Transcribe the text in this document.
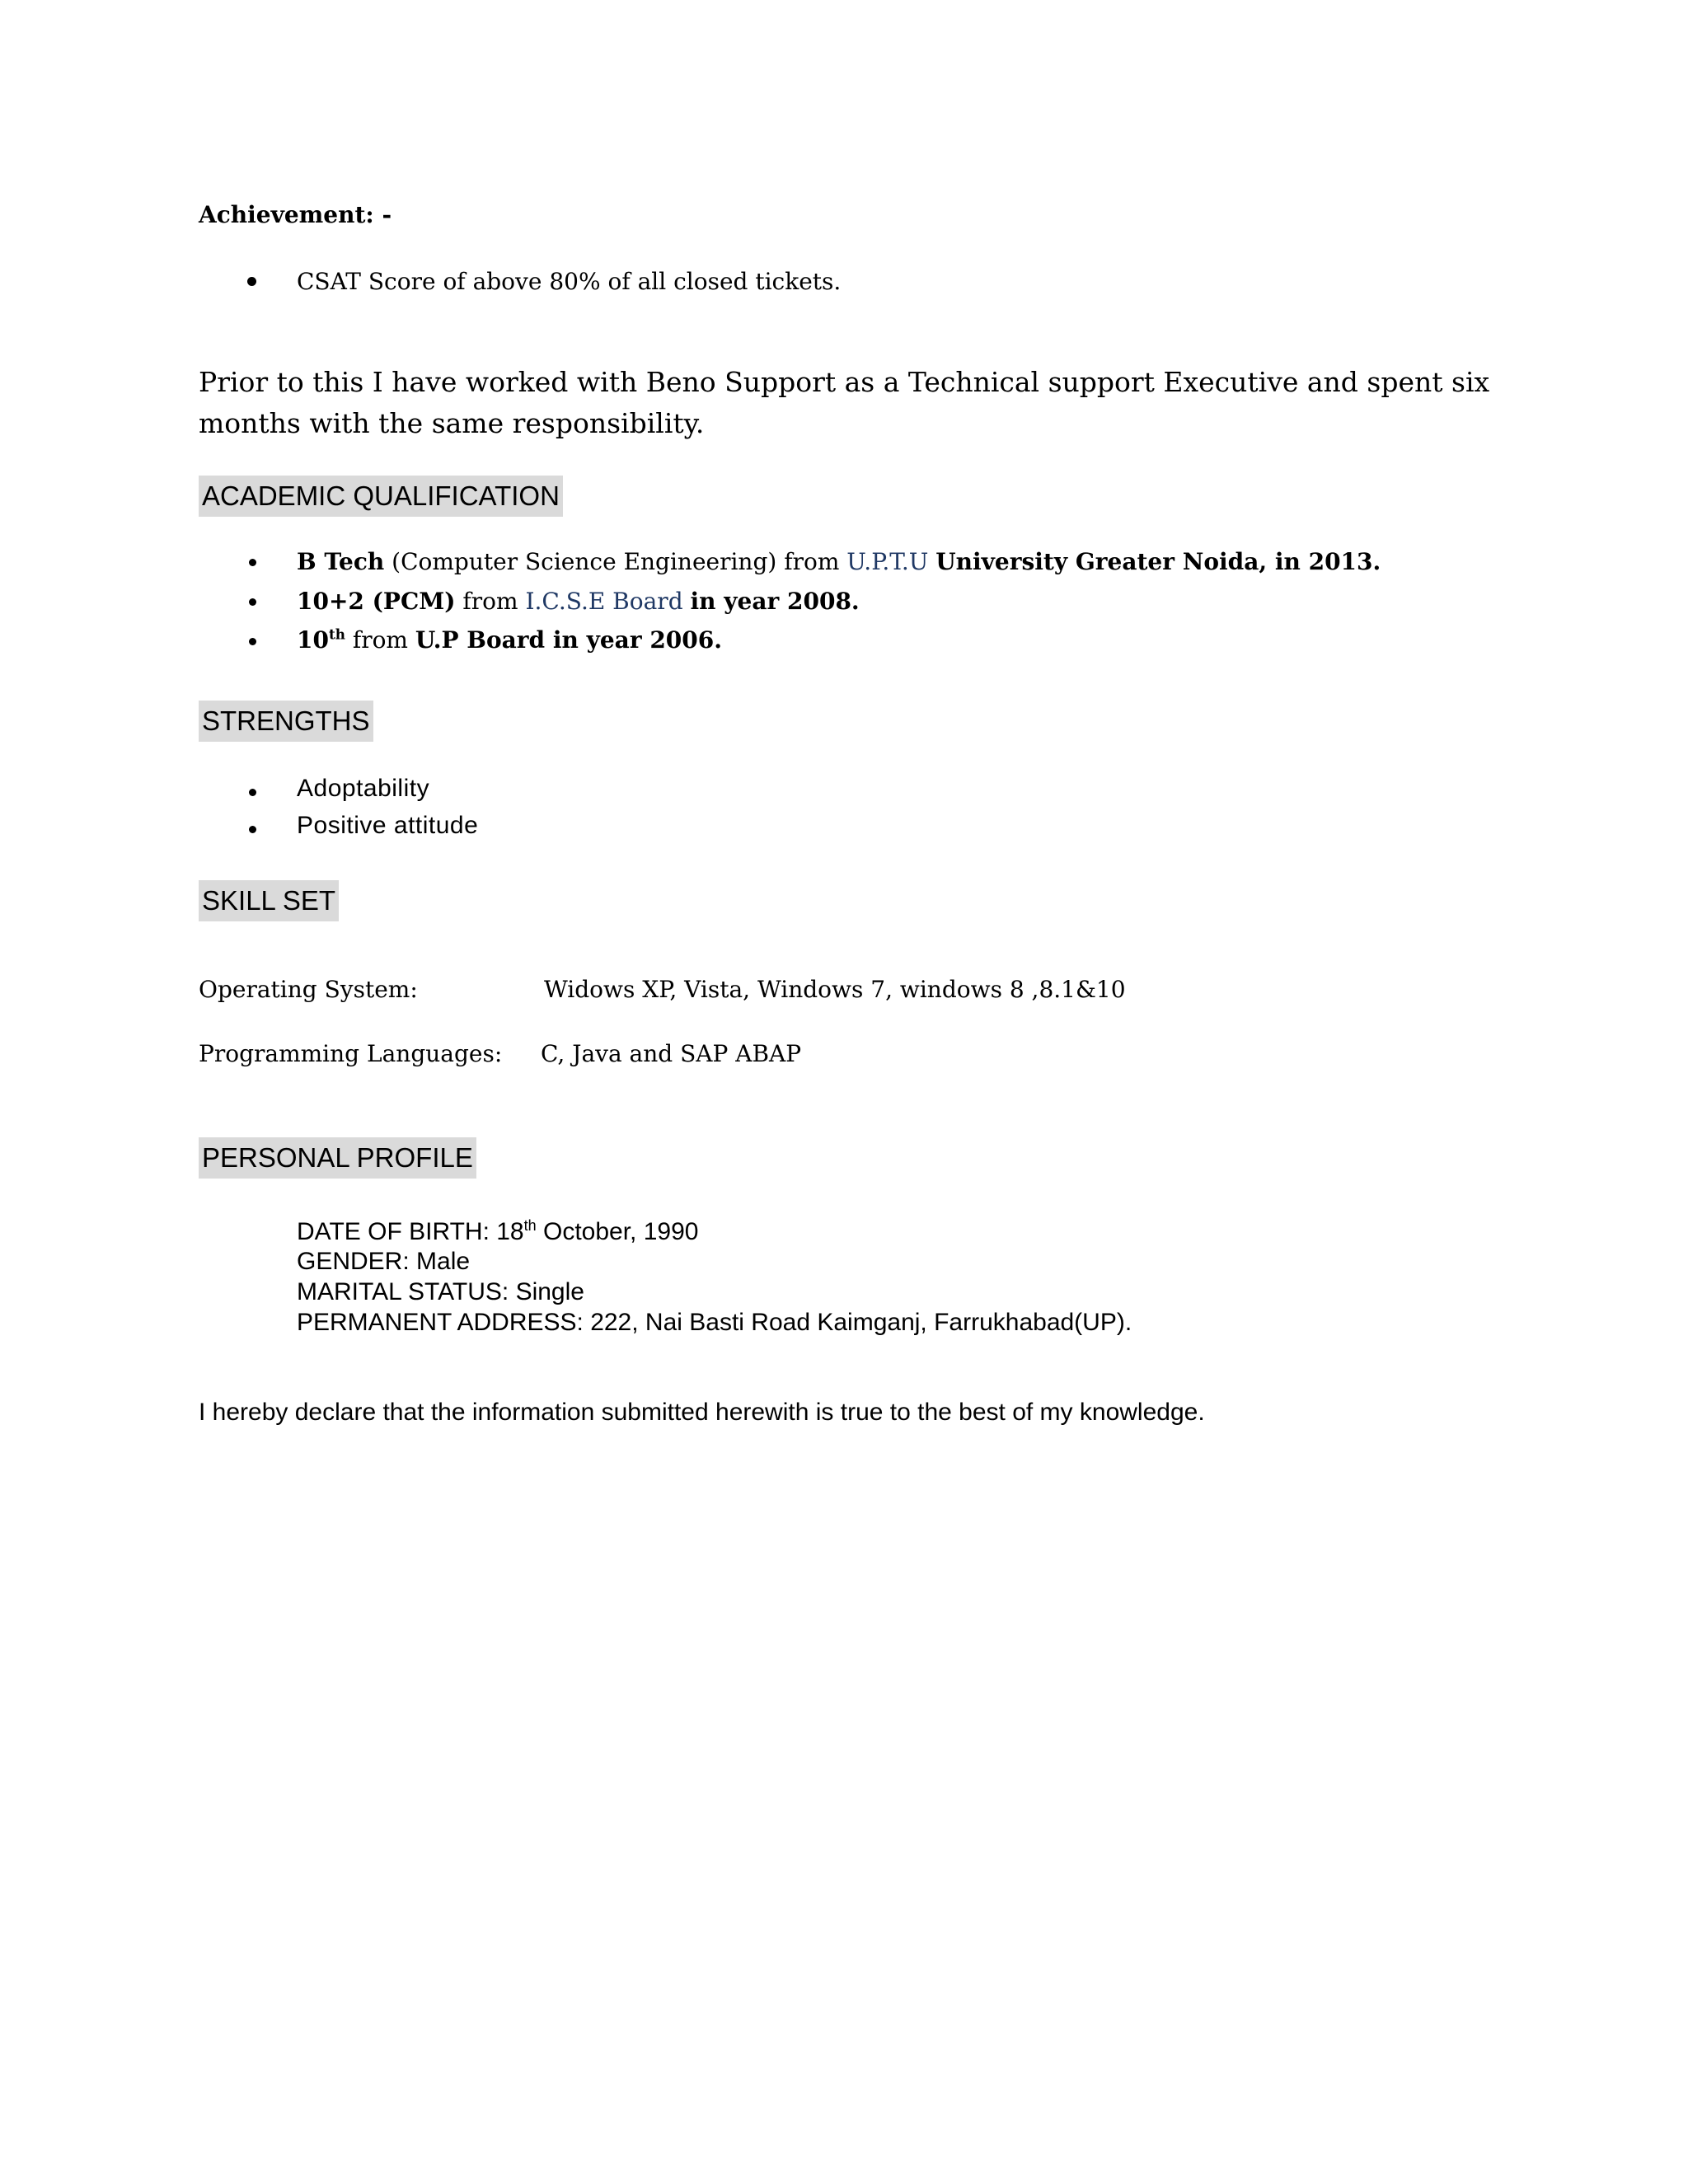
Achievement: -
CSAT Score of above 80% of all closed tickets.
Prior to this I have worked with Beno Support as a Technical support Executive and spent six
months with the same responsibility.
ACADEMIC QUALIFICATION
B Tech (Computer Science Engineering) from U.P.T.U University Greater Noida, in 2013.
10+2 (PCM) from I.C.S.E Board in year 2008.
10th from U.P Board in year 2006.
STRENGTHS
Adoptability
Positive attitude
SKILL SET
Operating System:	Widows XP, Vista, Windows 7, windows 8 ,8.1&10
Programming Languages: C, Java and SAP ABAP
PERSONAL PROFILE
DATE OF BIRTH: 18th October, 1990
GENDER: Male
MARITAL STATUS: Single
PERMANENT ADDRESS: 222, Nai Basti Road Kaimganj, Farrukhabad(UP).
I hereby declare that the information submitted herewith is true to the best of my knowledge.
